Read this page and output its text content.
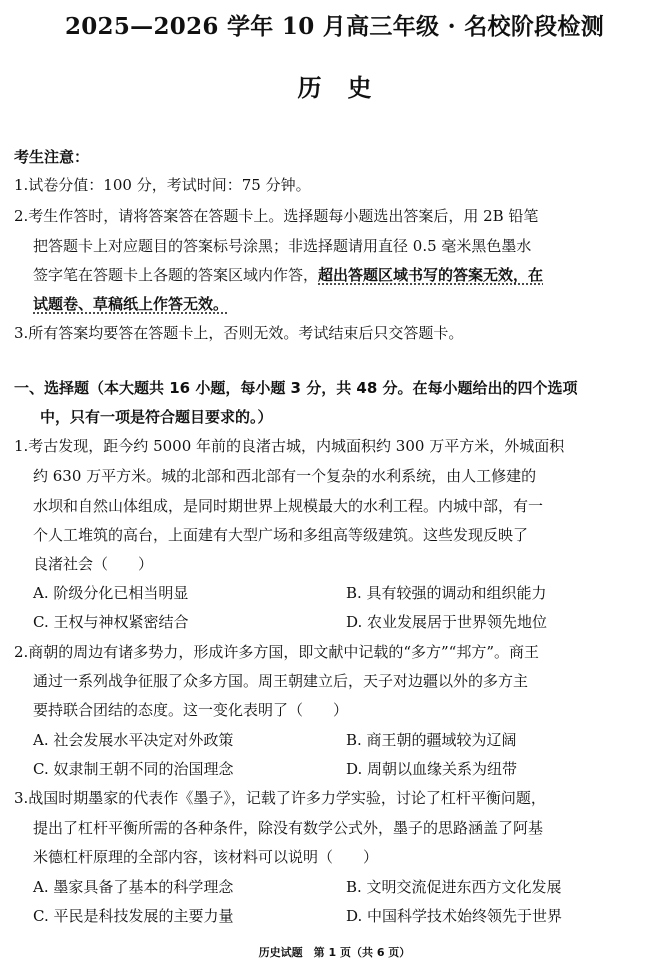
2025—2026 学年 10 月高三年级 · 名校阶段检测
历史
考生注意：
1.试卷分值：100 分，考试时间：75 分钟。
2.考生作答时，请将答案答在答题卡上。选择题每小题选出答案后，用 2B 铅笔
把答题卡上对应题目的答案标号涂黑；非选择题请用直径 0.5 毫米黑色墨水
签字笔在答题卡上各题的答案区域内作答，超出答题区域书写的答案无效，在
试题卷、草稿纸上作答无效。
3.所有答案均要答在答题卡上，否则无效。考试结束后只交答题卡。
一、选择题（本大题共 16 小题，每小题 3 分，共 48 分。在每小题给出的四个选项
中，只有一项是符合题目要求的。）
1.考古发现，距今约 5000 年前的良渚古城，内城面积约 300 万平方米，外城面积
约 630 万平方米。城的北部和西北部有一个复杂的水利系统，由人工修建的
水坝和自然山体组成，是同时期世界上规模最大的水利工程。内城中部，有一
个人工堆筑的高台，上面建有大型广场和多组高等级建筑。这些发现反映了
良渚社会（　　）
A. 阶级分化已相当明显	B. 具有较强的调动和组织能力
C. 王权与神权紧密结合	D. 农业发展居于世界领先地位
2.商朝的周边有诸多势力，形成许多方国，即文献中记载的“多方”“邦方”。商王
通过一系列战争征服了众多方国。周王朝建立后，天子对边疆以外的多方主
要持联合团结的态度。这一变化表明了（　　）
A. 社会发展水平决定对外政策	B. 商王朝的疆域较为辽阔
C. 奴隶制王朝不同的治国理念	D. 周朝以血缘关系为纽带
3.战国时期墨家的代表作《墨子》，记载了许多力学实验，讨论了杠杆平衡问题，
提出了杠杆平衡所需的各种条件，除没有数学公式外，墨子的思路涵盖了阿基
米德杠杆原理的全部内容，该材料可以说明（　　）
A. 墨家具备了基本的科学理念	B. 文明交流促进东西方文化发展
C. 平民是科技发展的主要力量	D. 中国科学技术始终领先于世界
历史试题　第 1 页（共 6 页）
